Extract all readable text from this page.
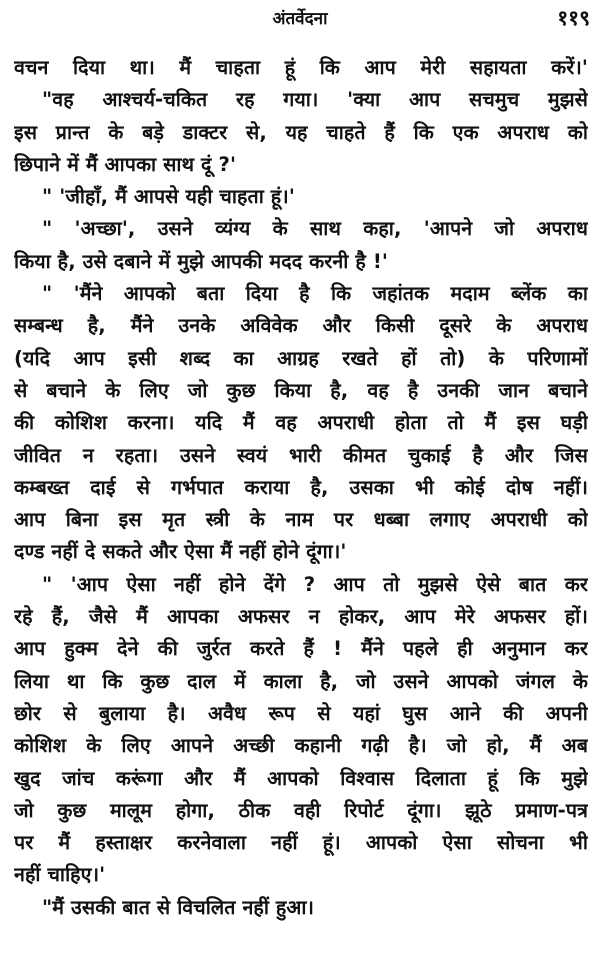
अंतर्वेदना	११९
वचन दिया था। मैं चाहता हूं कि आप मेरी सहायता करें।'
"वह आश्चर्य-चकित रह गया। 'क्या आप सचमुच मुझसे
इस प्रान्त के बड़े डाक्टर से, यह चाहते हैं कि एक अपराध को
छिपाने में मैं आपका साथ दूं ?'
" 'जीहाँ, मैं आपसे यही चाहता हूं।'
" 'अच्छा', उसने व्यंग्य के साथ कहा, 'आपने जो अपराध
किया है, उसे दबाने में मुझे आपकी मदद करनी है !'
" 'मैंने आपको बता दिया है कि जहांतक मदाम ब्लेंक का
सम्बन्ध है, मैंने उनके अविवेक और किसी दूसरे के अपराध
(यदि आप इसी शब्द का आग्रह रखते हों तो) के परिणामों
से बचाने के लिए जो कुछ किया है, वह है उनकी जान बचाने
की कोशिश करना। यदि मैं वह अपराधी होता तो मैं इस घड़ी
जीवित न रहता। उसने स्वयं भारी कीमत चुकाई है और जिस
कम्बख्त दाई से गर्भपात कराया है, उसका भी कोई दोष नहीं।
आप बिना इस मृत स्त्री के नाम पर धब्बा लगाए अपराधी को
दण्ड नहीं दे सकते और ऐसा मैं नहीं होने दूंगा।'
" 'आप ऐसा नहीं होने देंगे ? आप तो मुझसे ऐसे बात कर
रहे हैं, जैसे मैं आपका अफसर न होकर, आप मेरे अफसर हों।
आप हुक्म देने की जुर्रत करते हैं ! मैंने पहले ही अनुमान कर
लिया था कि कुछ दाल में काला है, जो उसने आपको जंगल के
छोर से बुलाया है। अवैध रूप से यहां घुस आने की अपनी
कोशिश के लिए आपने अच्छी कहानी गढ़ी है। जो हो, मैं अब
खुद जांच करूंगा और मैं आपको विश्वास दिलाता हूं कि मुझे
जो कुछ मालूम होगा, ठीक वही रिपोर्ट दूंगा। झूठे प्रमाण-पत्र
पर मैं हस्ताक्षर करनेवाला नहीं हूं। आपको ऐसा सोचना भी
नहीं चाहिए।'
"मैं उसकी बात से विचलित नहीं हुआ।
